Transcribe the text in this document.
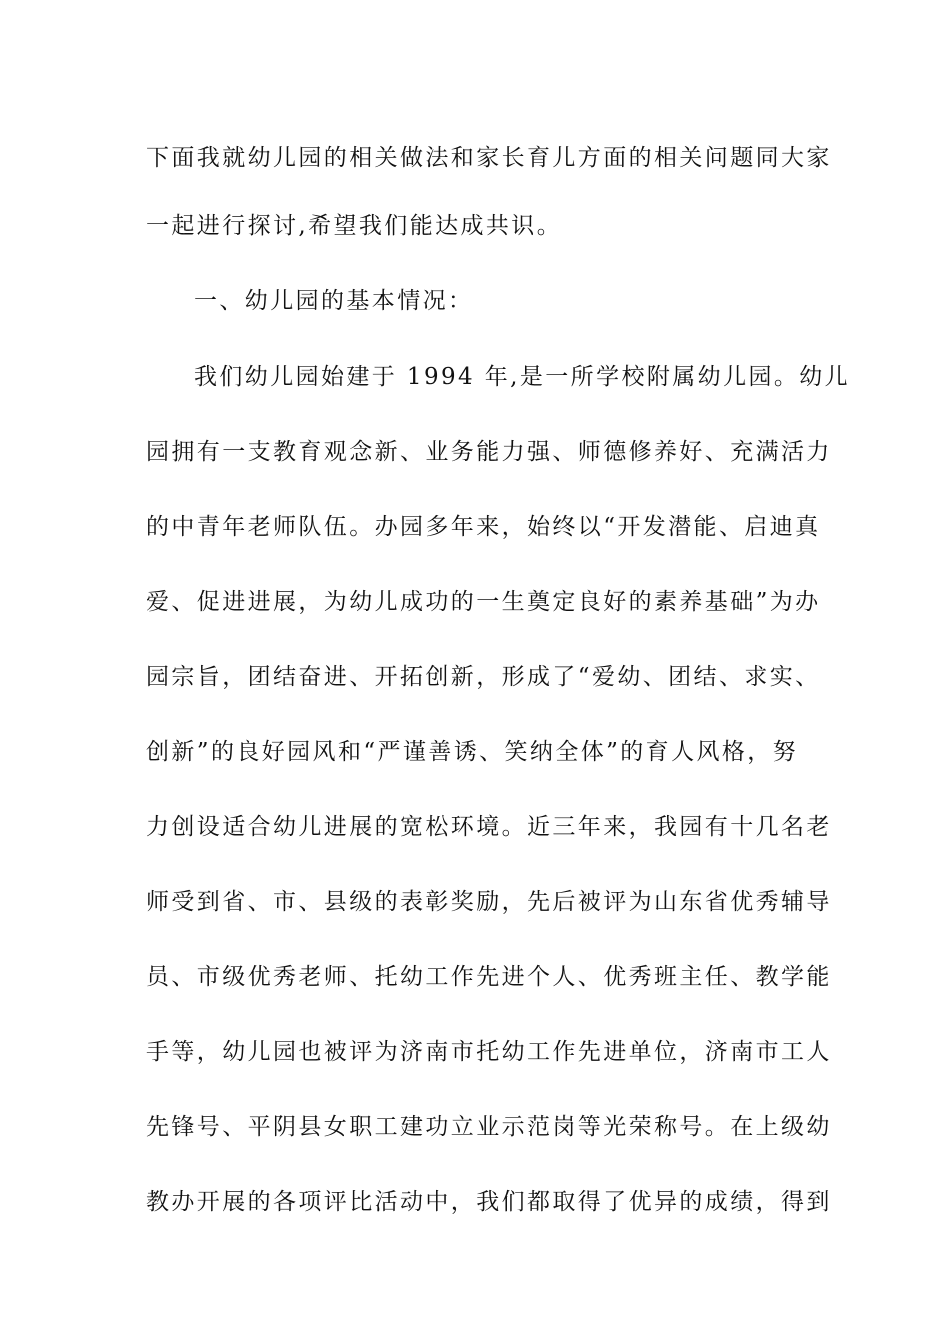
下面我就幼儿园的相关做法和家长育儿方面的相关问题同大家
一起进行探讨,希望我们能达成共识。
一、幼儿园的基本情况：
我们幼儿园始建于 1994 年,是一所学校附属幼儿园。幼儿
园拥有一支教育观念新、业务能力强、师德修养好、充满活力
的中青年老师队伍。办园多年来，始终以“开发潜能、启迪真
爱、促进进展，为幼儿成功的一生奠定良好的素养基础”为办
园宗旨，团结奋进、开拓创新，形成了“爱幼、团结、求实、
创新”的良好园风和“严谨善诱、笑纳全体”的育人风格，努
力创设适合幼儿进展的宽松环境。近三年来，我园有十几名老
师受到省、市、县级的表彰奖励，先后被评为山东省优秀辅导
员、市级优秀老师、托幼工作先进个人、优秀班主任、教学能
手等，幼儿园也被评为济南市托幼工作先进单位，济南市工人
先锋号、平阴县女职工建功立业示范岗等光荣称号。在上级幼
教办开展的各项评比活动中，我们都取得了优异的成绩，得到
